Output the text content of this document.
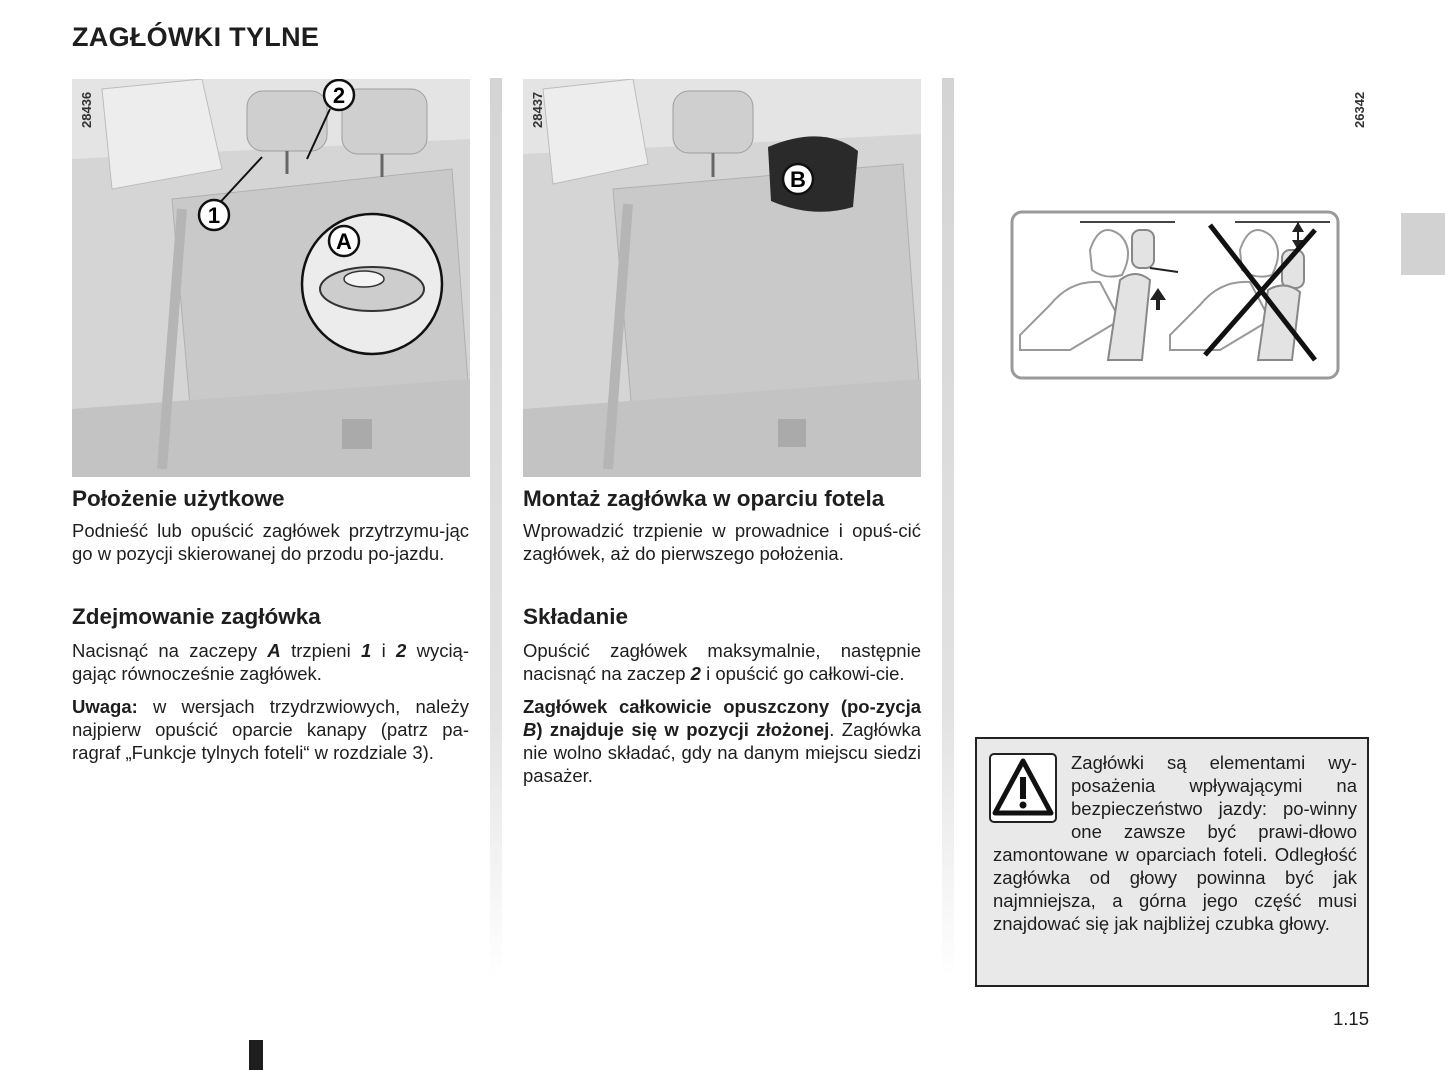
ZAGŁÓWKI TYLNE
1
2
A
28436
Położenie użytkowe

Podnieść lub opuścić zagłówek przytrzymu-jąc go w pozycji skierowanej do przodu po-jazdu.

Zdejmowanie zagłówka

Nacisnąć na zaczepy A trzpieni 1 i 2 wycią-gając równocześnie zagłówek.

Uwaga: w wersjach trzydrzwiowych, należy najpierw opuścić oparcie kanapy (patrz pa-ragraf „Funkcje tylnych foteli“ w rozdziale 3).

B
28437
Montaż zagłówka w oparciu fotela

Wprowadzić trzpienie w prowadnice i opuś-cić zagłówek, aż do pierwszego położenia.

Składanie

Opuścić zagłówek maksymalnie, następnie nacisnąć na zaczep 2 i opuścić go całkowi-cie.

Zagłówek całkowicie opuszczony (po-zycja B) znajduje się w pozycji złożonej. Zagłówka nie wolno składać, gdy na danym miejscu siedzi pasażer.

26342
Zagłówki są elementami wy-posażenia wpływającymi na bezpieczeństwo jazdy: po-winny one zawsze być prawi-dłowo zamontowane w oparciach foteli. Odległość zagłówka od głowy powinna być jak najmniejsza, a górna jego część musi znajdować się jak najbliżej czubka głowy.
1.15
